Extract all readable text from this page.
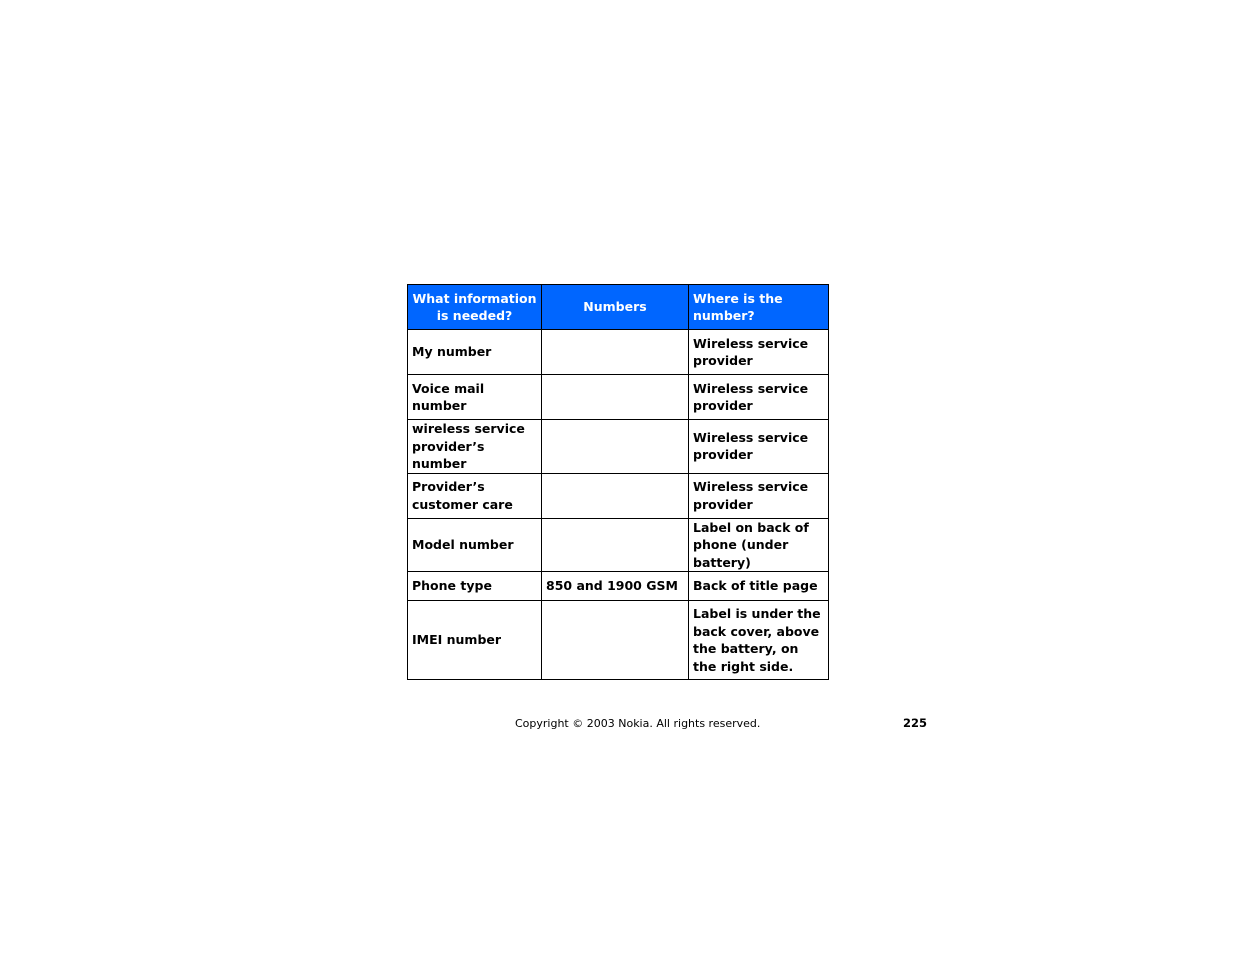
What information is needed?	Numbers	Where is the number?
My number		Wireless service provider
Voice mail number		Wireless service provider
wireless service provider’s number		Wireless service provider
Provider’s customer care		Wireless service provider
Model number		Label on back of phone (under battery)
Phone type	850 and 1900 GSM	Back of title page
IMEI number		Label is under the back cover, above the battery, on the right side.
Copyright © 2003 Nokia. All rights reserved.	225
